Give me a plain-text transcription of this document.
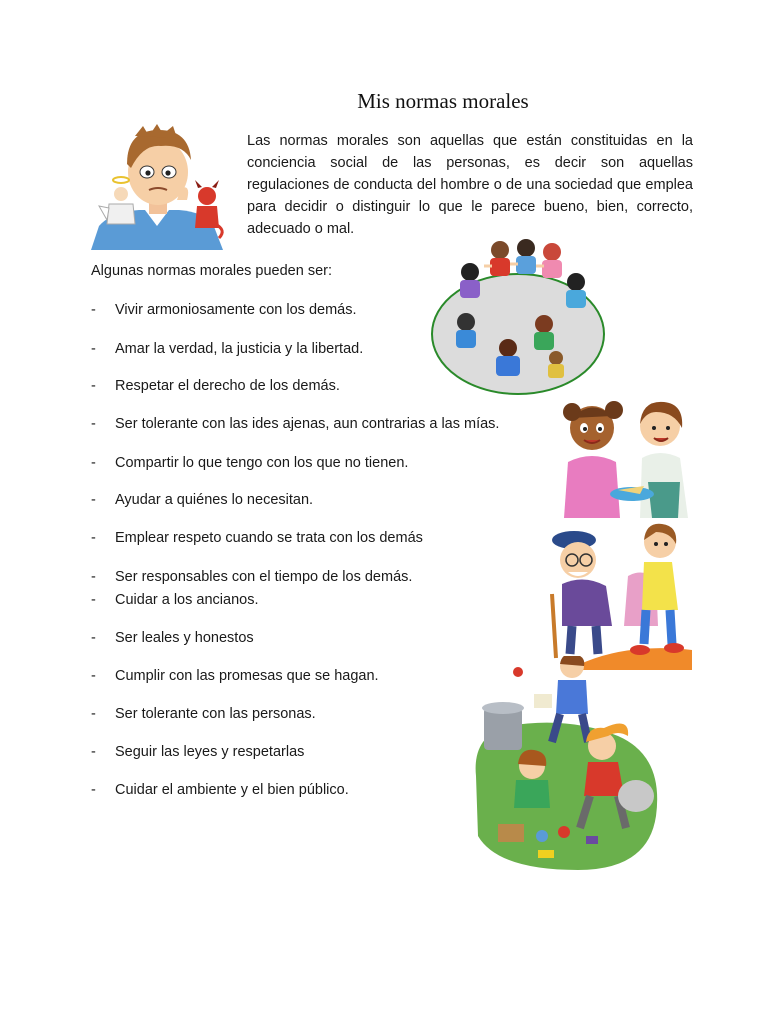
Mis normas morales
Las normas morales son aquellas que están constituidas en la conciencia social de las personas, es decir son aquellas regulaciones de conducta del hombre o de una sociedad que emplea para decidir o distinguir lo que le parece bueno, bien, correcto, adecuado o mal.
Algunas normas morales pueden ser:
- Vivir armoniosamente con los demás.
- Amar la verdad, la justicia y la libertad.
- Respetar el derecho de los demás.
- Ser tolerante con las ides ajenas, aun contrarias a las mías.
- Compartir lo que tengo con los que no tienen.
- Ayudar a quiénes lo necesitan.
- Emplear respeto cuando se trata con los demás
- Ser responsables con el tiempo de los demás.
- Cuidar a los ancianos.
- Ser leales y honestos
- Cumplir con las promesas que se hagan.
- Ser tolerante con las personas.
- Seguir las leyes y respetarlas
- Cuidar el ambiente y el bien público.
